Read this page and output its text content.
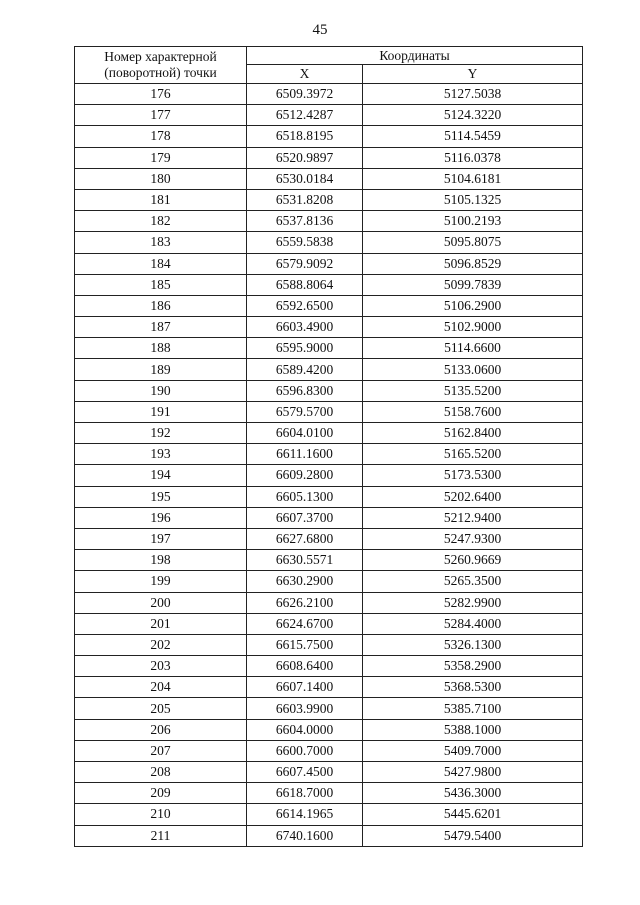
45
Номер характерной
(поворотной) точки	Координаты	
	X	Y
176	6509.3972	5127.5038
177	6512.4287	5124.3220
178	6518.8195	5114.5459
179	6520.9897	5116.0378
180	6530.0184	5104.6181
181	6531.8208	5105.1325
182	6537.8136	5100.2193
183	6559.5838	5095.8075
184	6579.9092	5096.8529
185	6588.8064	5099.7839
186	6592.6500	5106.2900
187	6603.4900	5102.9000
188	6595.9000	5114.6600
189	6589.4200	5133.0600
190	6596.8300	5135.5200
191	6579.5700	5158.7600
192	6604.0100	5162.8400
193	6611.1600	5165.5200
194	6609.2800	5173.5300
195	6605.1300	5202.6400
196	6607.3700	5212.9400
197	6627.6800	5247.9300
198	6630.5571	5260.9669
199	6630.2900	5265.3500
200	6626.2100	5282.9900
201	6624.6700	5284.4000
202	6615.7500	5326.1300
203	6608.6400	5358.2900
204	6607.1400	5368.5300
205	6603.9900	5385.7100
206	6604.0000	5388.1000
207	6600.7000	5409.7000
208	6607.4500	5427.9800
209	6618.7000	5436.3000
210	6614.1965	5445.6201
211	6740.1600	5479.5400
